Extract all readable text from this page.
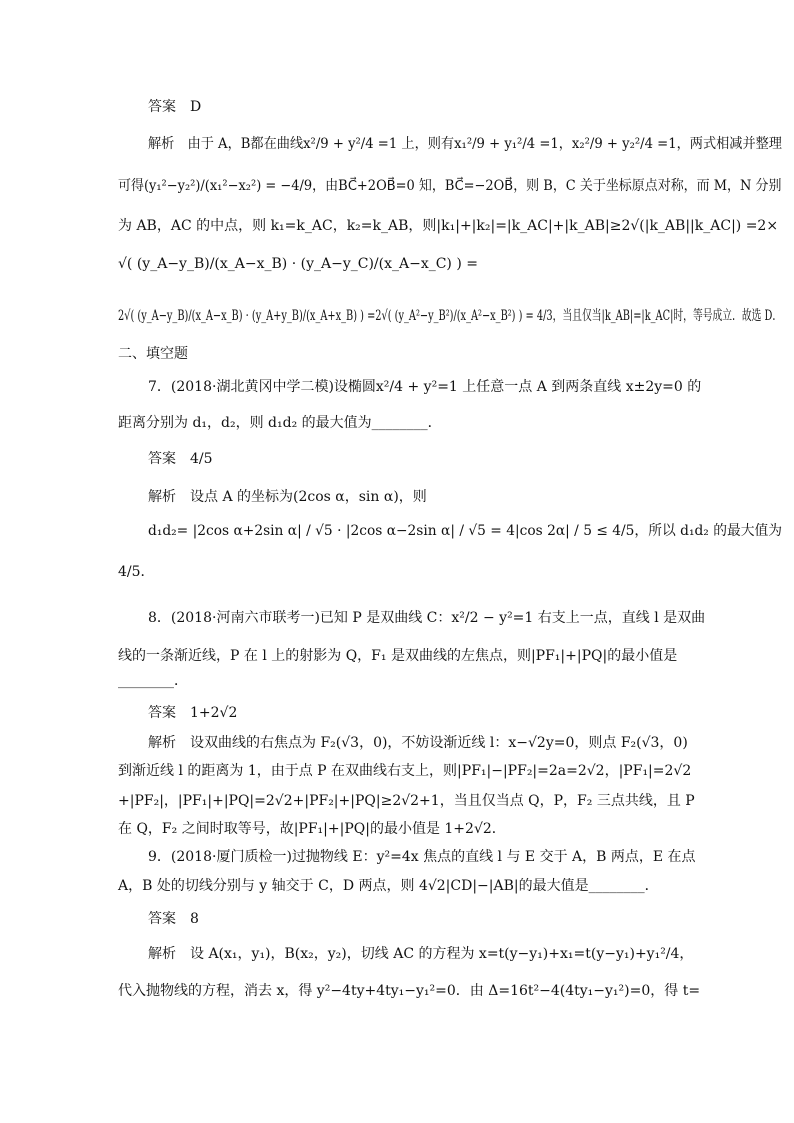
答案　D
解析　由于 A，B都在曲线x²/9 + y²/4 =1 上，则有x₁²/9 + y₁²/4 =1，x₂²/9 + y₂²/4 =1，两式相减并整理
可得(y₁²−y₂²)/(x₁²−x₂²) = −4/9，由BC⃗+2OB⃗=0 知，BC⃗=−2OB⃗，则 B，C 关于坐标原点对称，而 M，N 分别
为 AB，AC 的中点，则 k₁=k_AC，k₂=k_AB，则|k₁|+|k₂|=|k_AC|+|k_AB|≥2√(|k_AB||k_AC|) =2×
√( (y_A−y_B)/(x_A−x_B) · (y_A−y_C)/(x_A−x_C) ) =
2√( (y_A−y_B)/(x_A−x_B) · (y_A+y_B)/(x_A+x_B) ) =2√( (y_A²−y_B²)/(x_A²−x_B²) ) = 4/3，当且仅当|k_AB|=|k_AC|时，等号成立．故选 D．
二、填空题
7．(2018·湖北黄冈中学二模)设椭圆x²/4 + y²=1 上任意一点 A 到两条直线 x±2y=0 的
距离分别为 d₁，d₂，则 d₁d₂ 的最大值为________．
答案　4/5
解析　设点 A 的坐标为(2cos α，sin α)，则
d₁d₂= |2cos α+2sin α| / √5 · |2cos α−2sin α| / √5 = 4|cos 2α| / 5 ≤ 4/5，所以 d₁d₂ 的最大值为
4/5．
8．(2018·河南六市联考一)已知 P 是双曲线 C：x²/2 − y²=1 右支上一点，直线 l 是双曲
线的一条渐近线，P 在 l 上的射影为 Q，F₁ 是双曲线的左焦点，则|PF₁|+|PQ|的最小值是
________．
答案　1+2√2
解析　设双曲线的右焦点为 F₂(√3，0)，不妨设渐近线 l：x−√2y=0，则点 F₂(√3，0)
到渐近线 l 的距离为 1，由于点 P 在双曲线右支上，则|PF₁|−|PF₂|=2a=2√2，|PF₁|=2√2
+|PF₂|，|PF₁|+|PQ|=2√2+|PF₂|+|PQ|≥2√2+1，当且仅当点 Q，P，F₂ 三点共线，且 P
在 Q，F₂ 之间时取等号，故|PF₁|+|PQ|的最小值是 1+2√2．
9．(2018·厦门质检一)过抛物线 E：y²=4x 焦点的直线 l 与 E 交于 A，B 两点，E 在点
A，B 处的切线分别与 y 轴交于 C，D 两点，则 4√2|CD|−|AB|的最大值是________．
答案　8
解析　设 A(x₁，y₁)，B(x₂，y₂)，切线 AC 的方程为 x=t(y−y₁)+x₁=t(y−y₁)+y₁²/4，
代入抛物线的方程，消去 x，得 y²−4ty+4ty₁−y₁²=0．由 Δ=16t²−4(4ty₁−y₁²)=0，得 t=
